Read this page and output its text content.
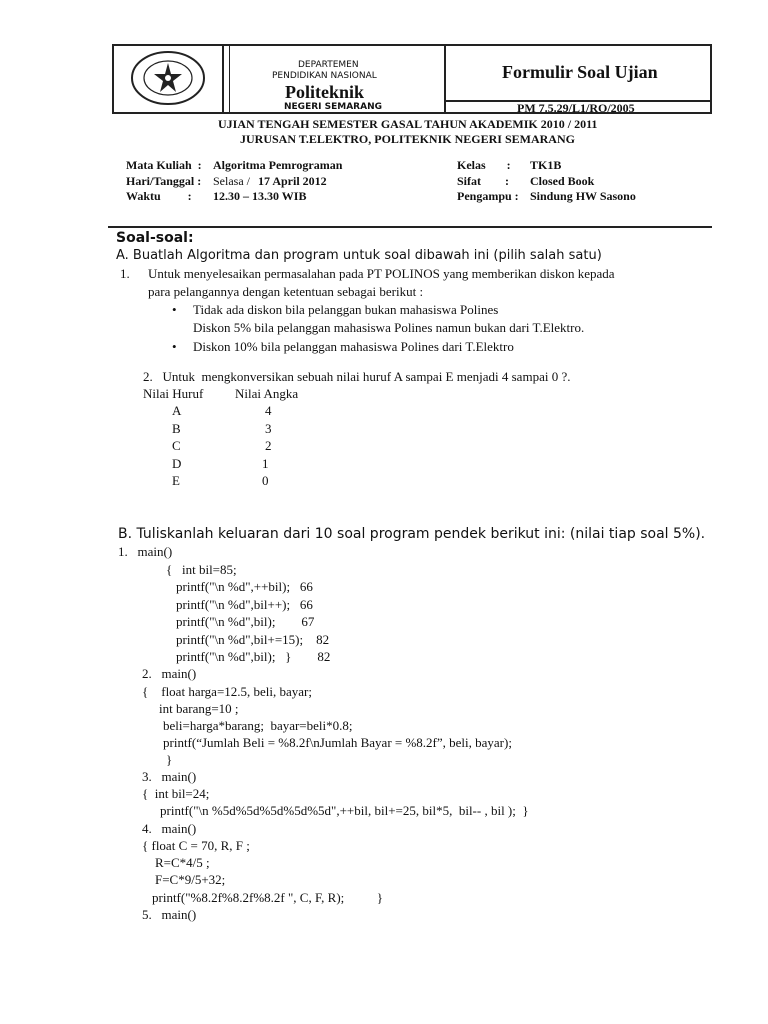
DEPARTEMEN
PENDIDIKAN NASIONAL
Politeknik
NEGERI SEMARANG
Formulir Soal Ujian
PM 7.5.29/L1/RO/2005
UJIAN TENGAH SEMESTER GASAL TAHUN AKADEMIK 2010 / 2011
JURUSAN T.ELEKTRO, POLITEKNIK NEGERI SEMARANG
Mata Kuliah  : Algoritma Pemrograman
Hari/Tanggal : Selasa / 17 April 2012
Waktu         : 12.30 – 13.30 WIB
Kelas       : TK1B
Sifat        : Closed Book
Pengampu : Sindung HW Sasono
Soal-soal:
A. Buatlah Algoritma dan program untuk soal dibawah ini (pilih salah satu)
1. Untuk menyelesaikan permasalahan pada PT POLINOS yang memberikan diskon kepada
para pelangannya dengan ketentuan sebagai berikut :
• Tidak ada diskon bila pelanggan bukan mahasiswa Polines
Diskon 5% bila pelanggan mahasiswa Polines namun bukan dari T.Elektro.
• Diskon 10% bila pelanggan mahasiswa Polines dari T.Elektro
2.   Untuk  mengkonversikan sebuah nilai huruf A sampai E menjadi 4 sampai 0 ?.
Nilai Huruf Nilai Angka
A	4
B	3
C	2
D	1
E	0
B. Tuliskanlah keluaran dari 10 soal program pendek berikut ini: (nilai tiap soal 5%).
1.   main()
{   int bil=85;
printf("\n %d",++bil);   66
printf("\n %d",bil++);   66
printf("\n %d",bil);        67
printf("\n %d",bil+=15);    82
printf("\n %d",bil);   }        82
2.   main()
{    float harga=12.5, beli, bayar;
int barang=10 ;
beli=harga*barang;  bayar=beli*0.8;
printf(“Jumlah Beli = %8.2f\nJumlah Bayar = %8.2f”, beli, bayar);
}
3.   main()
{  int bil=24;
printf("\n %5d%5d%5d%5d%5d",++bil, bil+=25, bil*5,  bil-- , bil );  }
4.   main()
{ float C = 70, R, F ;
R=C*4/5 ;
F=C*9/5+32;
printf("%8.2f%8.2f%8.2f ", C, F, R);          }
5.   main()
